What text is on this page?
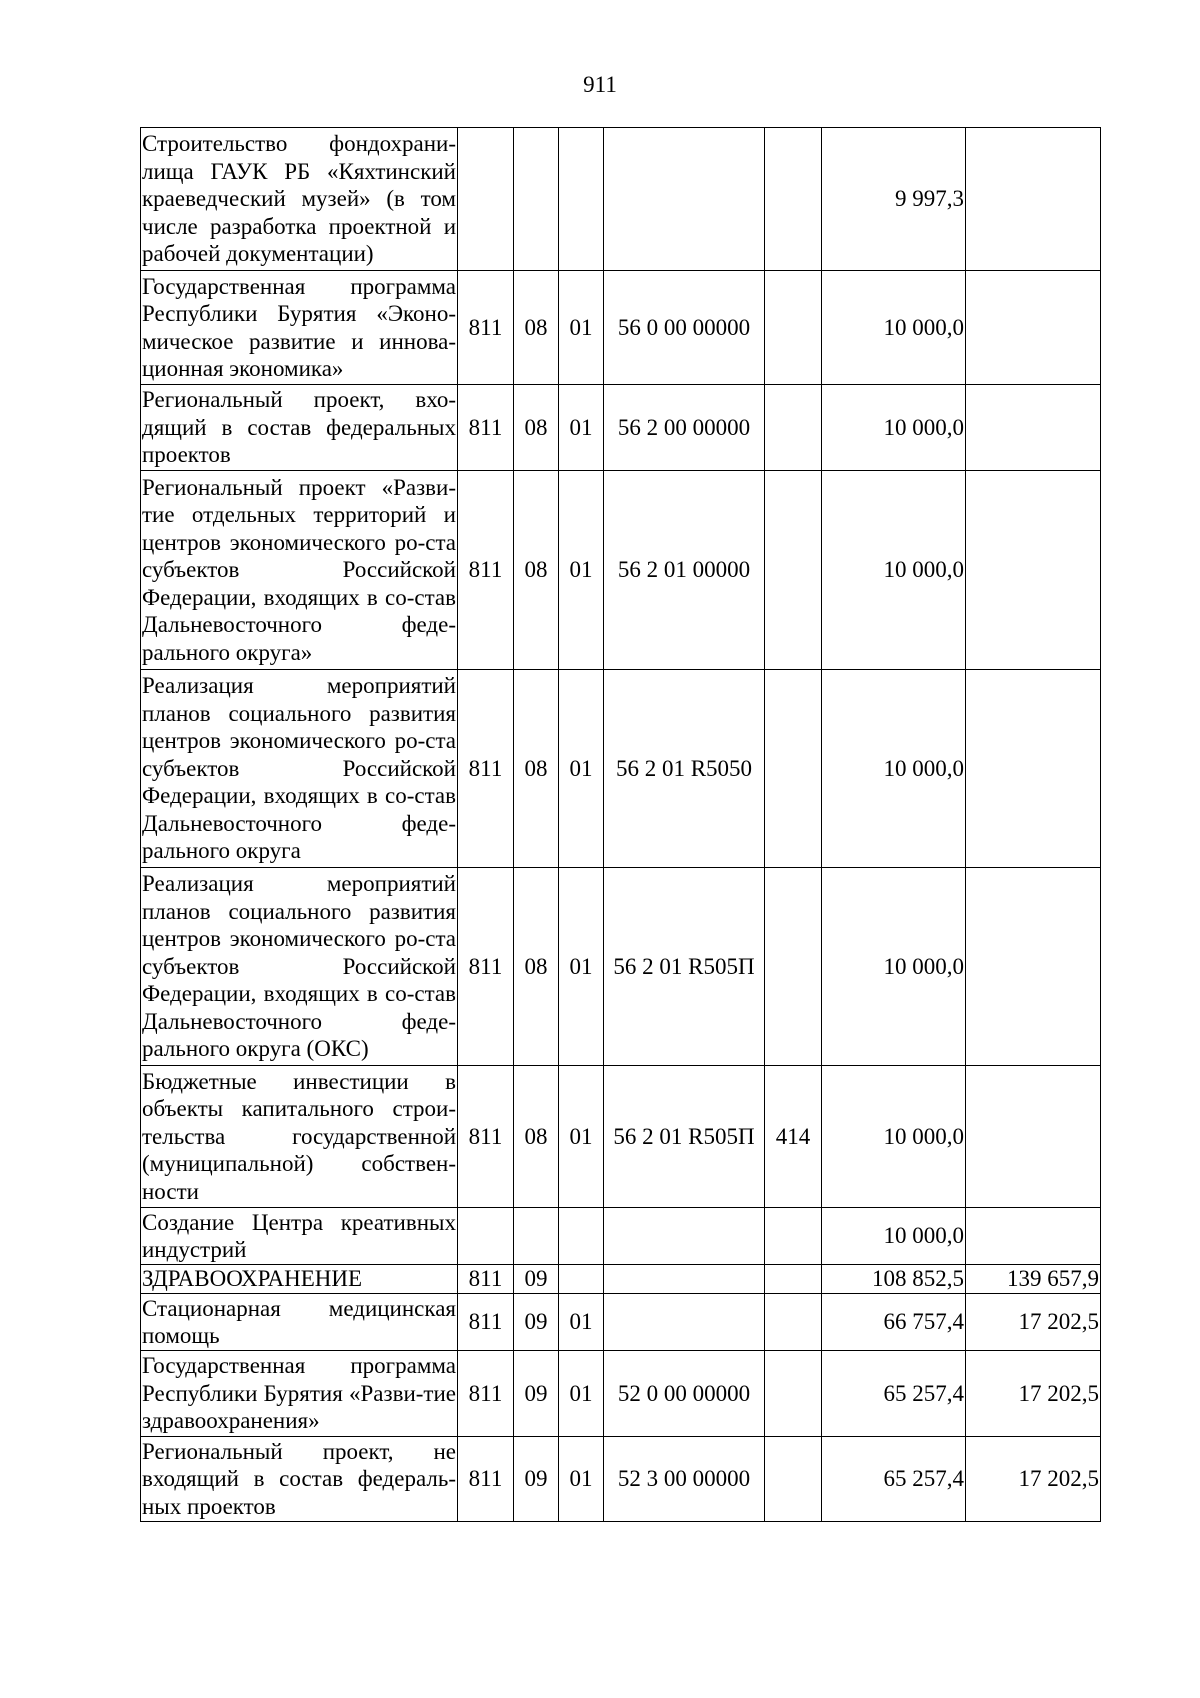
911
Строительство фондохрани-лища ГАУК РБ «Кяхтинский краеведческий музей» (в том числе разработка проектной и рабочей документации)						9 997,3	
Государственная программа Республики Бурятия «Эконо-мическое развитие и иннова-ционная экономика»	811	08	01	56 0 00 00000		10 000,0	
Региональный проект, вхо-дящий в состав федеральных проектов	811	08	01	56 2 00 00000		10 000,0	
Региональный проект «Разви-тие отдельных территорий и центров экономического ро-ста субъектов Российской Федерации, входящих в со-став Дальневосточного феде-рального округа»	811	08	01	56 2 01 00000		10 000,0	
Реализация мероприятий планов социального развития центров экономического ро-ста субъектов Российской Федерации, входящих в со-став Дальневосточного феде-рального округа	811	08	01	56 2 01 R5050		10 000,0	
Реализация мероприятий планов социального развития центров экономического ро-ста субъектов Российской Федерации, входящих в со-став Дальневосточного феде-рального округа (ОКС)	811	08	01	56 2 01 R505П		10 000,0	
Бюджетные инвестиции в объекты капитального строи-тельства государственной (муниципальной) собствен-ности	811	08	01	56 2 01 R505П	414	10 000,0	
Создание Центра креативных индустрий						10 000,0	
ЗДРАВООХРАНЕНИЕ	811	09				108 852,5	139 657,9
Стационарная медицинская помощь	811	09	01			66 757,4	17 202,5
Государственная программа Республики Бурятия «Разви-тие здравоохранения»	811	09	01	52 0 00 00000		65 257,4	17 202,5
Региональный проект, не входящий в состав федераль-ных проектов	811	09	01	52 3 00 00000		65 257,4	17 202,5
